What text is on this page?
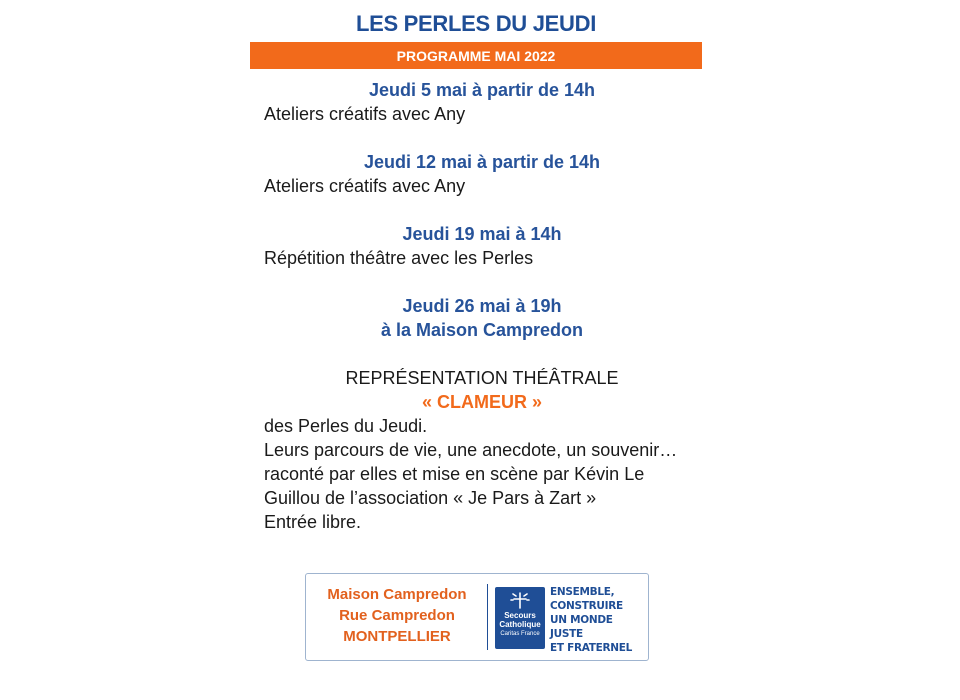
LES PERLES DU JEUDI
PROGRAMME MAI 2022
Jeudi 5 mai à partir de 14h
Ateliers créatifs avec Any
Jeudi 12 mai à partir de 14h
Ateliers créatifs avec Any
Jeudi 19 mai à 14h
Répétition théâtre avec les Perles
Jeudi 26 mai à 19h
à la Maison Campredon
REPRÉSENTATION THÉÂTRALE
« CLAMEUR »
des Perles du Jeudi.
Leurs parcours de vie, une anecdote, un souvenir…
raconté par elles et mise en scène par Kévin Le Guillou de l’association « Je Pars à Zart »
Entrée libre.
Maison Campredon
Rue Campredon
MONTPELLIER
Secours
Catholique
Caritas France
ENSEMBLE,
CONSTRUIRE
UN MONDE JUSTE
ET FRATERNEL
